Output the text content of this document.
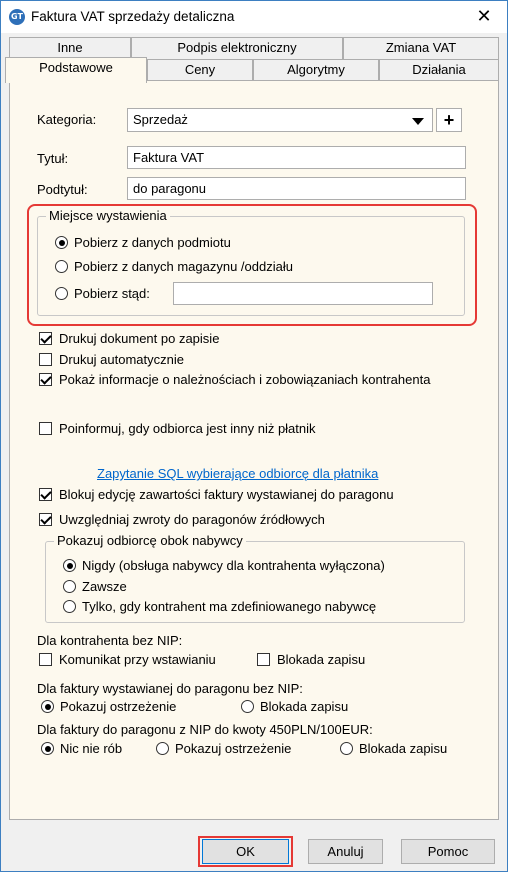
GT Faktura VAT sprzedaży detaliczna	✕
Inne	Podpis elektroniczny	Zmiana VAT
Podstawowe	Ceny	Algorytmy	Działania
Kategoria:	Sprzedaż	+
Tytuł:	Faktura VAT
Podtytuł:	do paragonu
Miejsce wystawienia
Pobierz z danych podmiotu
Pobierz z danych magazynu /oddziału
Pobierz stąd:
Drukuj dokument po zapisie
Drukuj automatycznie
Pokaż informacje o należnościach i zobowiązaniach kontrahenta
Poinformuj, gdy odbiorca jest inny niż płatnik
Zapytanie SQL wybierające odbiorcę dla płatnika
Blokuj edycję zawartości faktury wystawianej do paragonu
Uwzględniaj zwroty do paragonów źródłowych
Pokazuj odbiorcę obok nabywcy
Nigdy (obsługa nabywcy dla kontrahenta wyłączona)
Zawsze
Tylko, gdy kontrahent ma zdefiniowanego nabywcę
Dla kontrahenta bez NIP:
Komunikat przy wstawianiu	Blokada zapisu
Dla faktury wystawianej do paragonu bez NIP:
Pokazuj ostrzeżenie	Blokada zapisu
Dla faktury do paragonu z NIP do kwoty 450PLN/100EUR:
Nic nie rób	Pokazuj ostrzeżenie	Blokada zapisu
OK	Anuluj	Pomoc
